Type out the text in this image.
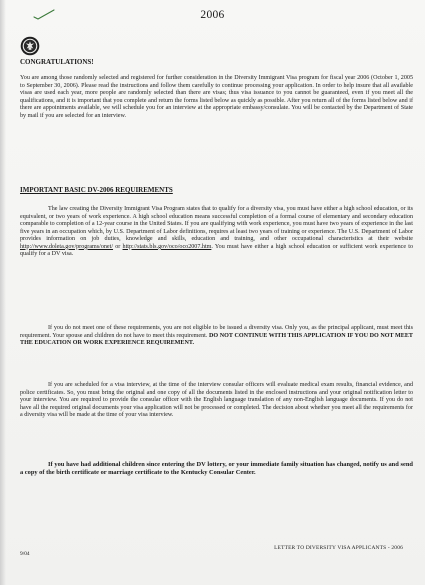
2006
CONGRATULATIONS!

You are among those randomly selected and registered for further consideration in the Diversity Immigrant Visa program for fiscal year 2006 (October 1, 2005 to September 30, 2006). Please read the instructions and follow them carefully to continue processing your application. In order to help insure that all available visas are used each year, more people are randomly selected than there are visas; thus visa issuance to you cannot be guaranteed, even if you meet all the qualifications, and it is important that you complete and return the forms listed below as quickly as possible. After you return all of the forms listed below and if there are appointments available, we will schedule you for an interview at the appropriate embassy/consulate. You will be contacted by the Department of State by mail if you are selected for an interview.

IMPORTANT BASIC DV-2006 REQUIREMENTS

The law creating the Diversity Immigrant Visa Program states that to qualify for a diversity visa, you must have either a high school education, or its equivalent, or two years of work experience. A high school education means successful completion of a formal course of elementary and secondary education comparable to completion of a 12-year course in the United States. If you are qualifying with work experience, you must have two years of experience in the last five years in an occupation which, by U.S. Department of Labor definitions, requires at least two years of training or experience. The U.S. Department of Labor provides information on job duties, knowledge and skills, education and training, and other occupational characteristics at their website http://www.doleta.gov/programs/onet/ or http://stats.bls.gov/oco/oco2007.htm. You must have either a high school education or sufficient work experience to qualify for a DV visa.

If you do not meet one of these requirements, you are not eligible to be issued a diversity visa. Only you, as the principal applicant, must meet this requirement. Your spouse and children do not have to meet this requirement. DO NOT CONTINUE WITH THIS APPLICATION IF YOU DO NOT MEET THE EDUCATION OR WORK EXPERIENCE REQUIREMENT.

If you are scheduled for a visa interview, at the time of the interview consular officers will evaluate medical exam results, financial evidence, and police certificates. So, you must bring the original and one copy of all the documents listed in the enclosed instructions and your original notification letter to your interview. You are required to provide the consular officer with the English language translation of any non-English language documents. If you do not have all the required original documents your visa application will not be processed or completed. The decision about whether you meet all the requirements for a diversity visa will be made at the time of your visa interview.

If you have had additional children since entering the DV lottery, or your immediate family situation has changed, notify us and send a copy of the birth certificate or marriage certificate to the Kentucky Consular Center.

LETTER TO DIVERSITY VISA APPLICANTS - 2006
9/04
